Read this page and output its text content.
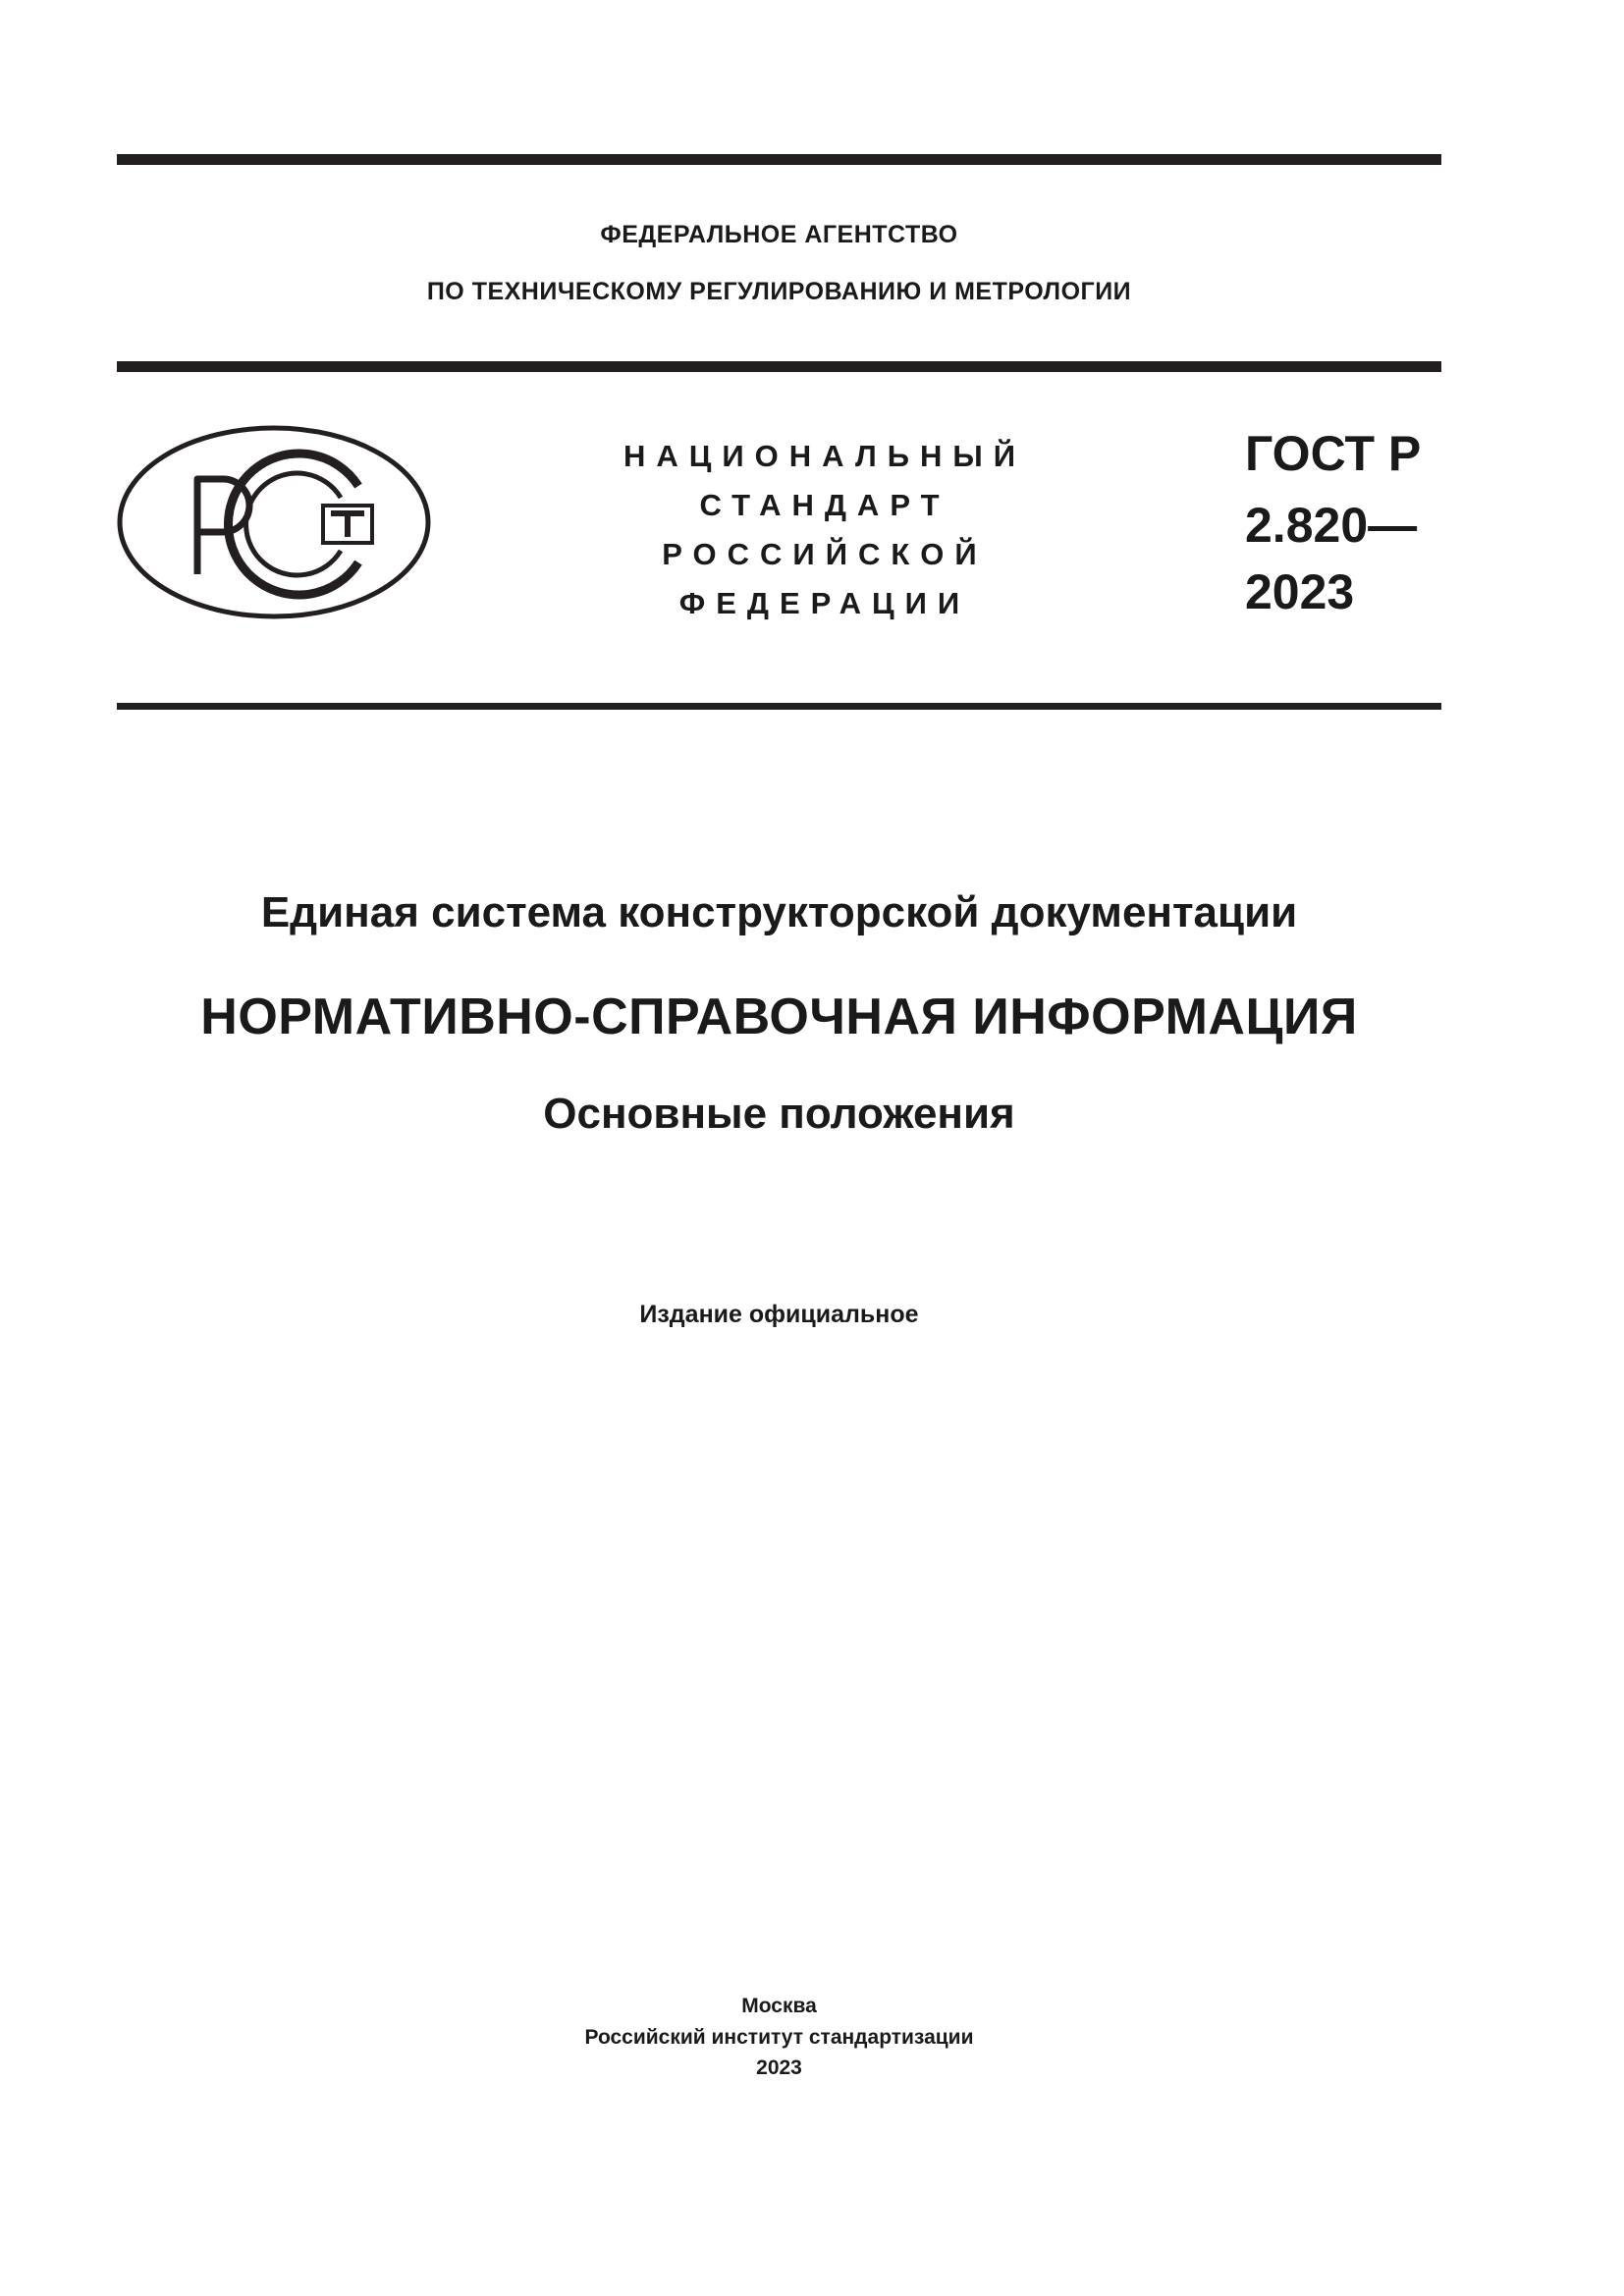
ФЕДЕРАЛЬНОЕ АГЕНТСТВО
ПО ТЕХНИЧЕСКОМУ РЕГУЛИРОВАНИЮ И МЕТРОЛОГИИ
НАЦИОНАЛЬНЫЙ
СТАНДАРТ
РОССИЙСКОЙ
ФЕДЕРАЦИИ
ГОСТ Р
2.820—
2023
Единая система конструкторской документации
НОРМАТИВНО-СПРАВОЧНАЯ ИНФОРМАЦИЯ
Основные положения
Издание официальное
Москва
Российский институт стандартизации
2023
